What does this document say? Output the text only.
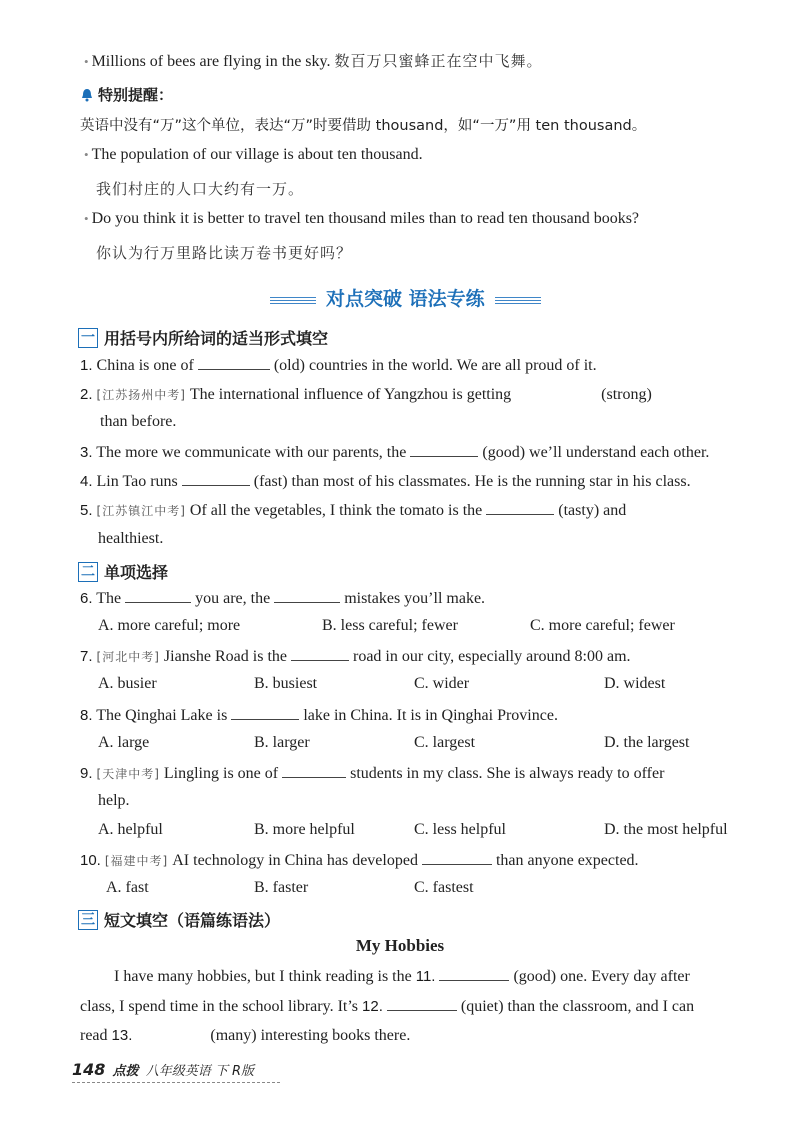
• Millions of bees are flying in the sky. 数百万只蜜蜂正在空中飞舞。
特别提醒：
英语中没有“万”这个单位，表达“万”时要借助 thousand，如“一万”用 ten thousand。
• The population of our village is about ten thousand.
我们村庄的人口大约有一万。
• Do you think it is better to travel ten thousand miles than to read ten thousand books?
你认为行万里路比读万卷书更好吗？
对点突破 语法专练
一 用括号内所给词的适当形式填空
1. China is one of	(old) countries in the world. We are all proud of it.
2. [江苏扬州中考] The international influence of Yangzhou is getting	(strong)
than before.
3. The more we communicate with our parents, the	(good) we’ll understand each other.
4. Lin Tao runs	(fast) than most of his classmates. He is the running star in his class.
5. [江苏镇江中考] Of all the vegetables, I think the tomato is the	(tasty) and
healthiest.
二 单项选择
6. The	you are, the	mistakes you’ll make.
A. more careful; more	B. less careful; fewer	C. more careful; fewer
7. [河北中考] Jianshe Road is the	road in our city, especially around 8:00 am.
A. busier	B. busiest	C. wider	D. widest
8. The Qinghai Lake is	lake in China. It is in Qinghai Province.
A. large	B. larger	C. largest	D. the largest
9. [天津中考] Lingling is one of	students in my class. She is always ready to offer
help.
A. helpful	B. more helpful	C. less helpful	D. the most helpful
10. [福建中考] AI technology in China has developed	than anyone expected.
A. fast	B. faster	C. fastest
三 短文填空（语篇练语法）
My Hobbies
I have many hobbies, but I think reading is the 11.	(good) one. Every day after
class, I spend time in the school library. It’s 12.	(quiet) than the classroom, and I can
read 13.	(many) interesting books there.
148 点拨 八年级英语 下 R版
